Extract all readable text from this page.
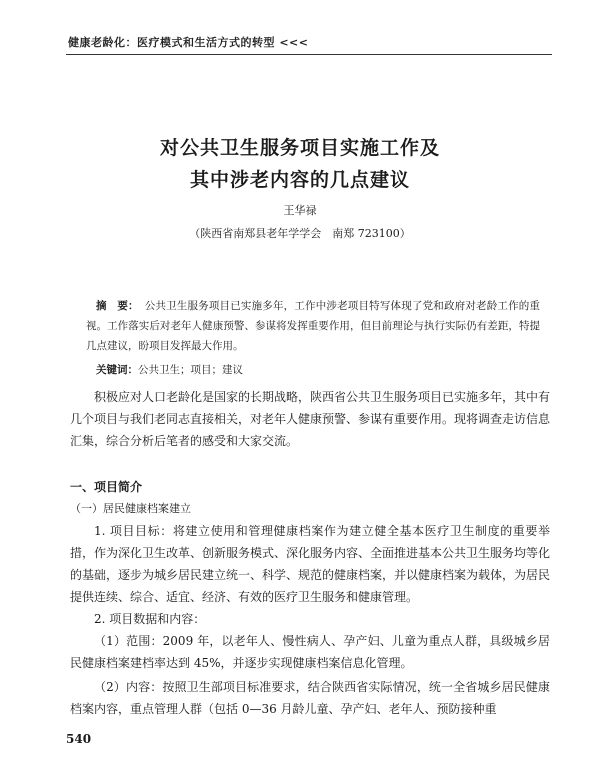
健康老龄化：医疗模式和生活方式的转型 <<<
对公共卫生服务项目实施工作及
其中涉老内容的几点建议
王华禄
（陕西省南郑县老年学学会　南郑 723100）
摘　要： 公共卫生服务项目已实施多年，工作中涉老项目特写体现了党和政府对老龄工作的重视。工作落实后对老年人健康预警、参谋将发挥重要作用，但目前理论与执行实际仍有差距，特提几点建议，盼项目发挥最大作用。
关键词：公共卫生；项目；建议
积极应对人口老龄化是国家的长期战略，陕西省公共卫生服务项目已实施多年，其中有几个项目与我们老同志直接相关，对老年人健康预警、参谋有重要作用。现将调查走访信息汇集，综合分析后笔者的感受和大家交流。
一、项目简介
（一）居民健康档案建立
1. 项目目标：将建立使用和管理健康档案作为建立健全基本医疗卫生制度的重要举措，作为深化卫生改革、创新服务模式、深化服务内容、全面推进基本公共卫生服务均等化的基础，逐步为城乡居民建立统一、科学、规范的健康档案，并以健康档案为载体，为居民提供连续、综合、适宜、经济、有效的医疗卫生服务和健康管理。
2. 项目数据和内容：
（1）范围：2009 年，以老年人、慢性病人、孕产妇、儿童为重点人群，具级城乡居民健康档案建档率达到 45%，并逐步实现健康档案信息化管理。
（2）内容：按照卫生部项目标准要求，结合陕西省实际情况，统一全省城乡居民健康档案内容，重点管理人群（包括 0—36 月龄儿童、孕产妇、老年人、预防接种重
540
